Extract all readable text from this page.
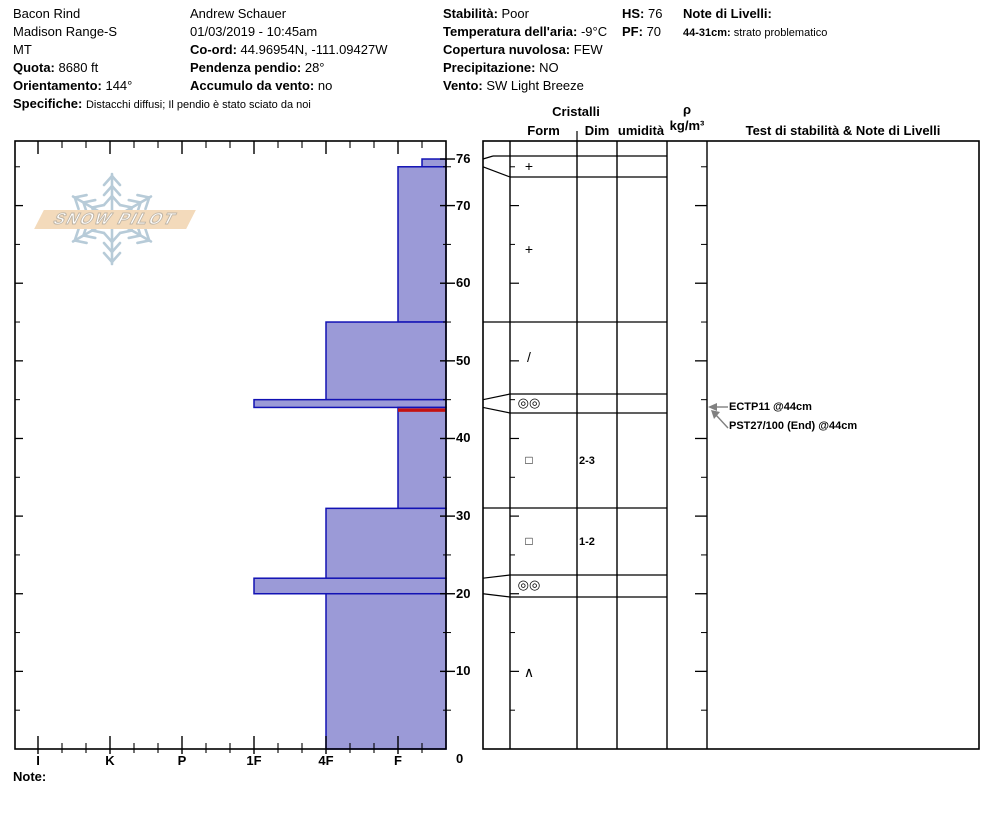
SNOW PILOT
HS: 76
PF: 70
Note di Livelli:
44-31cm: strato problematico
Specifiche: Distacchi diffusi; Il pendio è stato sciato da noi	Cristalli
Form	Dim umidità
ρ
kg/m³	Test di stabilità & Note di Livelli
ECTP11 @44cm
PST27/100 (End) @44cm
Note:
Bacon Rind
Madison Range-S
MT
Quota: 8680 ft
Orientamento: 144°
Andrew Schauer
01/03/2019 - 10:45am
Co-ord: 44.96954N, -111.09427W
Pendenza pendio: 28°
Accumulo da vento: no
Stabilità: Poor
Temperatura dell'aria: -9°C
Copertura nuvolosa: FEW
Precipitazione: NO
Vento: SW Light Breeze
76
70
60
50
40
30
20
10
0
I	K	P	1F	4F	F
+
+
/
◎◎
□	2-3
□	1-2
◎◎
∧
